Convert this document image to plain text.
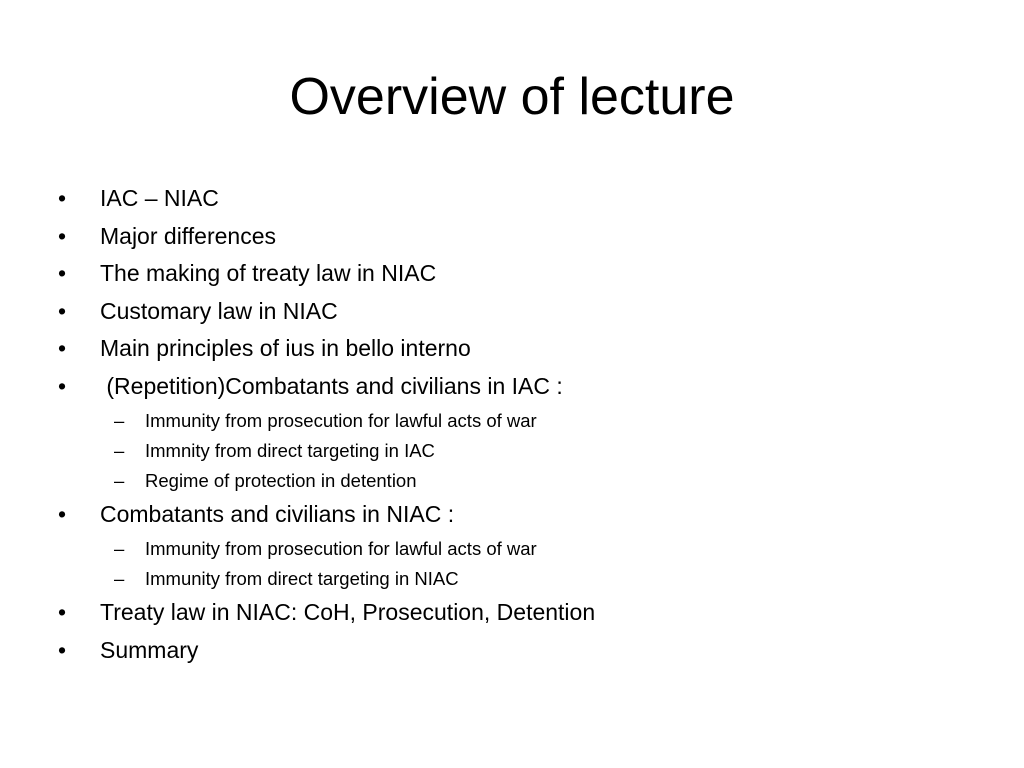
Overview of lecture
•	IAC – NIAC
•	Major differences
•	The making of treaty law in NIAC
•	Customary law in NIAC
•	Main principles of ius in bello interno
•	(Repetition)Combatants and civilians in IAC :
–	Immunity from prosecution for lawful acts of war
–	Immnity from direct targeting in IAC
–	Regime of protection in detention
•	Combatants and civilians in NIAC :
–	Immunity from prosecution for lawful acts of war
–	Immunity from direct targeting in NIAC
•	Treaty law in NIAC: CoH, Prosecution, Detention
•	Summary
